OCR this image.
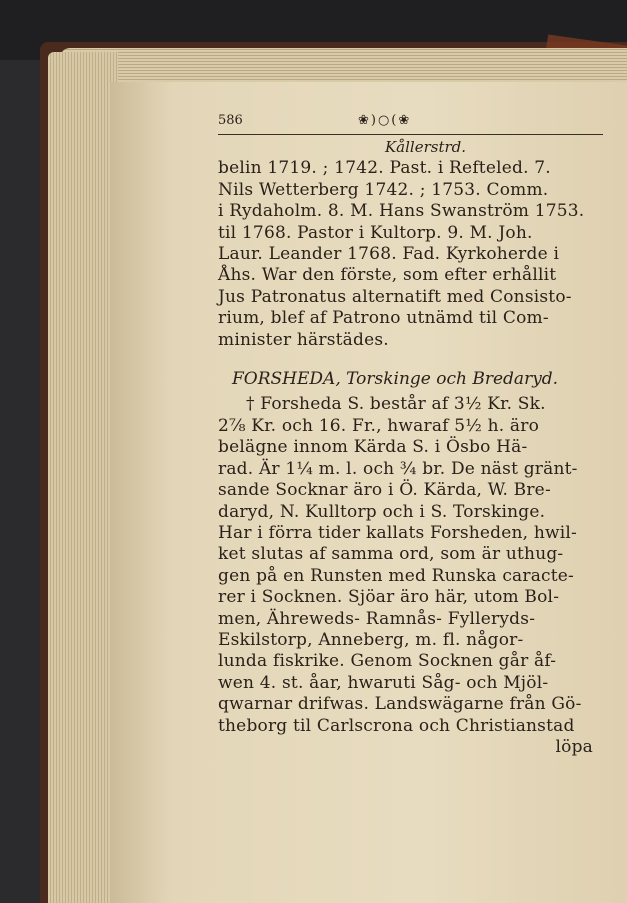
586	❀)○(❀
Kållerstrd.
belin 1719. ; 1742. Past. i Refteled. 7.
Nils Wetterberg 1742. ; 1753. Comm.
i Rydaholm. 8. M. Hans Swanström 1753.
til 1768. Pastor i Kultorp. 9. M. Joh.
Laur. Leander 1768. Fad. Kyrkoherde i
Åhs. War den förste, som efter erhållit
Jus Patronatus alternatift med Consisto-
rium, blef af Patrono utnämd til Com-
minister härstädes.
FORSHEDA, Torskinge och Bredaryd.
† Forsheda S. består af 3½ Kr. Sk.
2⅞ Kr. och 16. Fr., hwaraf 5½ h. äro
belägne innom Kärda S. i Ösbo Hä-
rad. Är 1¼ m. l. och ¾ br. De näst gränt-
sande Socknar äro i Ö. Kärda, W. Bre-
daryd, N. Kulltorp och i S. Torskinge.
Har i förra tider kallats Forsheden, hwil-
ket slutas af samma ord, som är uthug-
gen på en Runsten med Runska caracte-
rer i Socknen. Sjöar äro här, utom Bol-
men, Ähreweds- Ramnås- Fylleryds-
Eskilstorp, Anneberg, m. fl. någor-
lunda fiskrike. Genom Socknen går åf-
wen 4. st. åar, hwaruti Såg- och Mjöl-
qwarnar drifwas. Landswägarne från Gö-
theborg til Carlscrona och Christianstad
löpa
